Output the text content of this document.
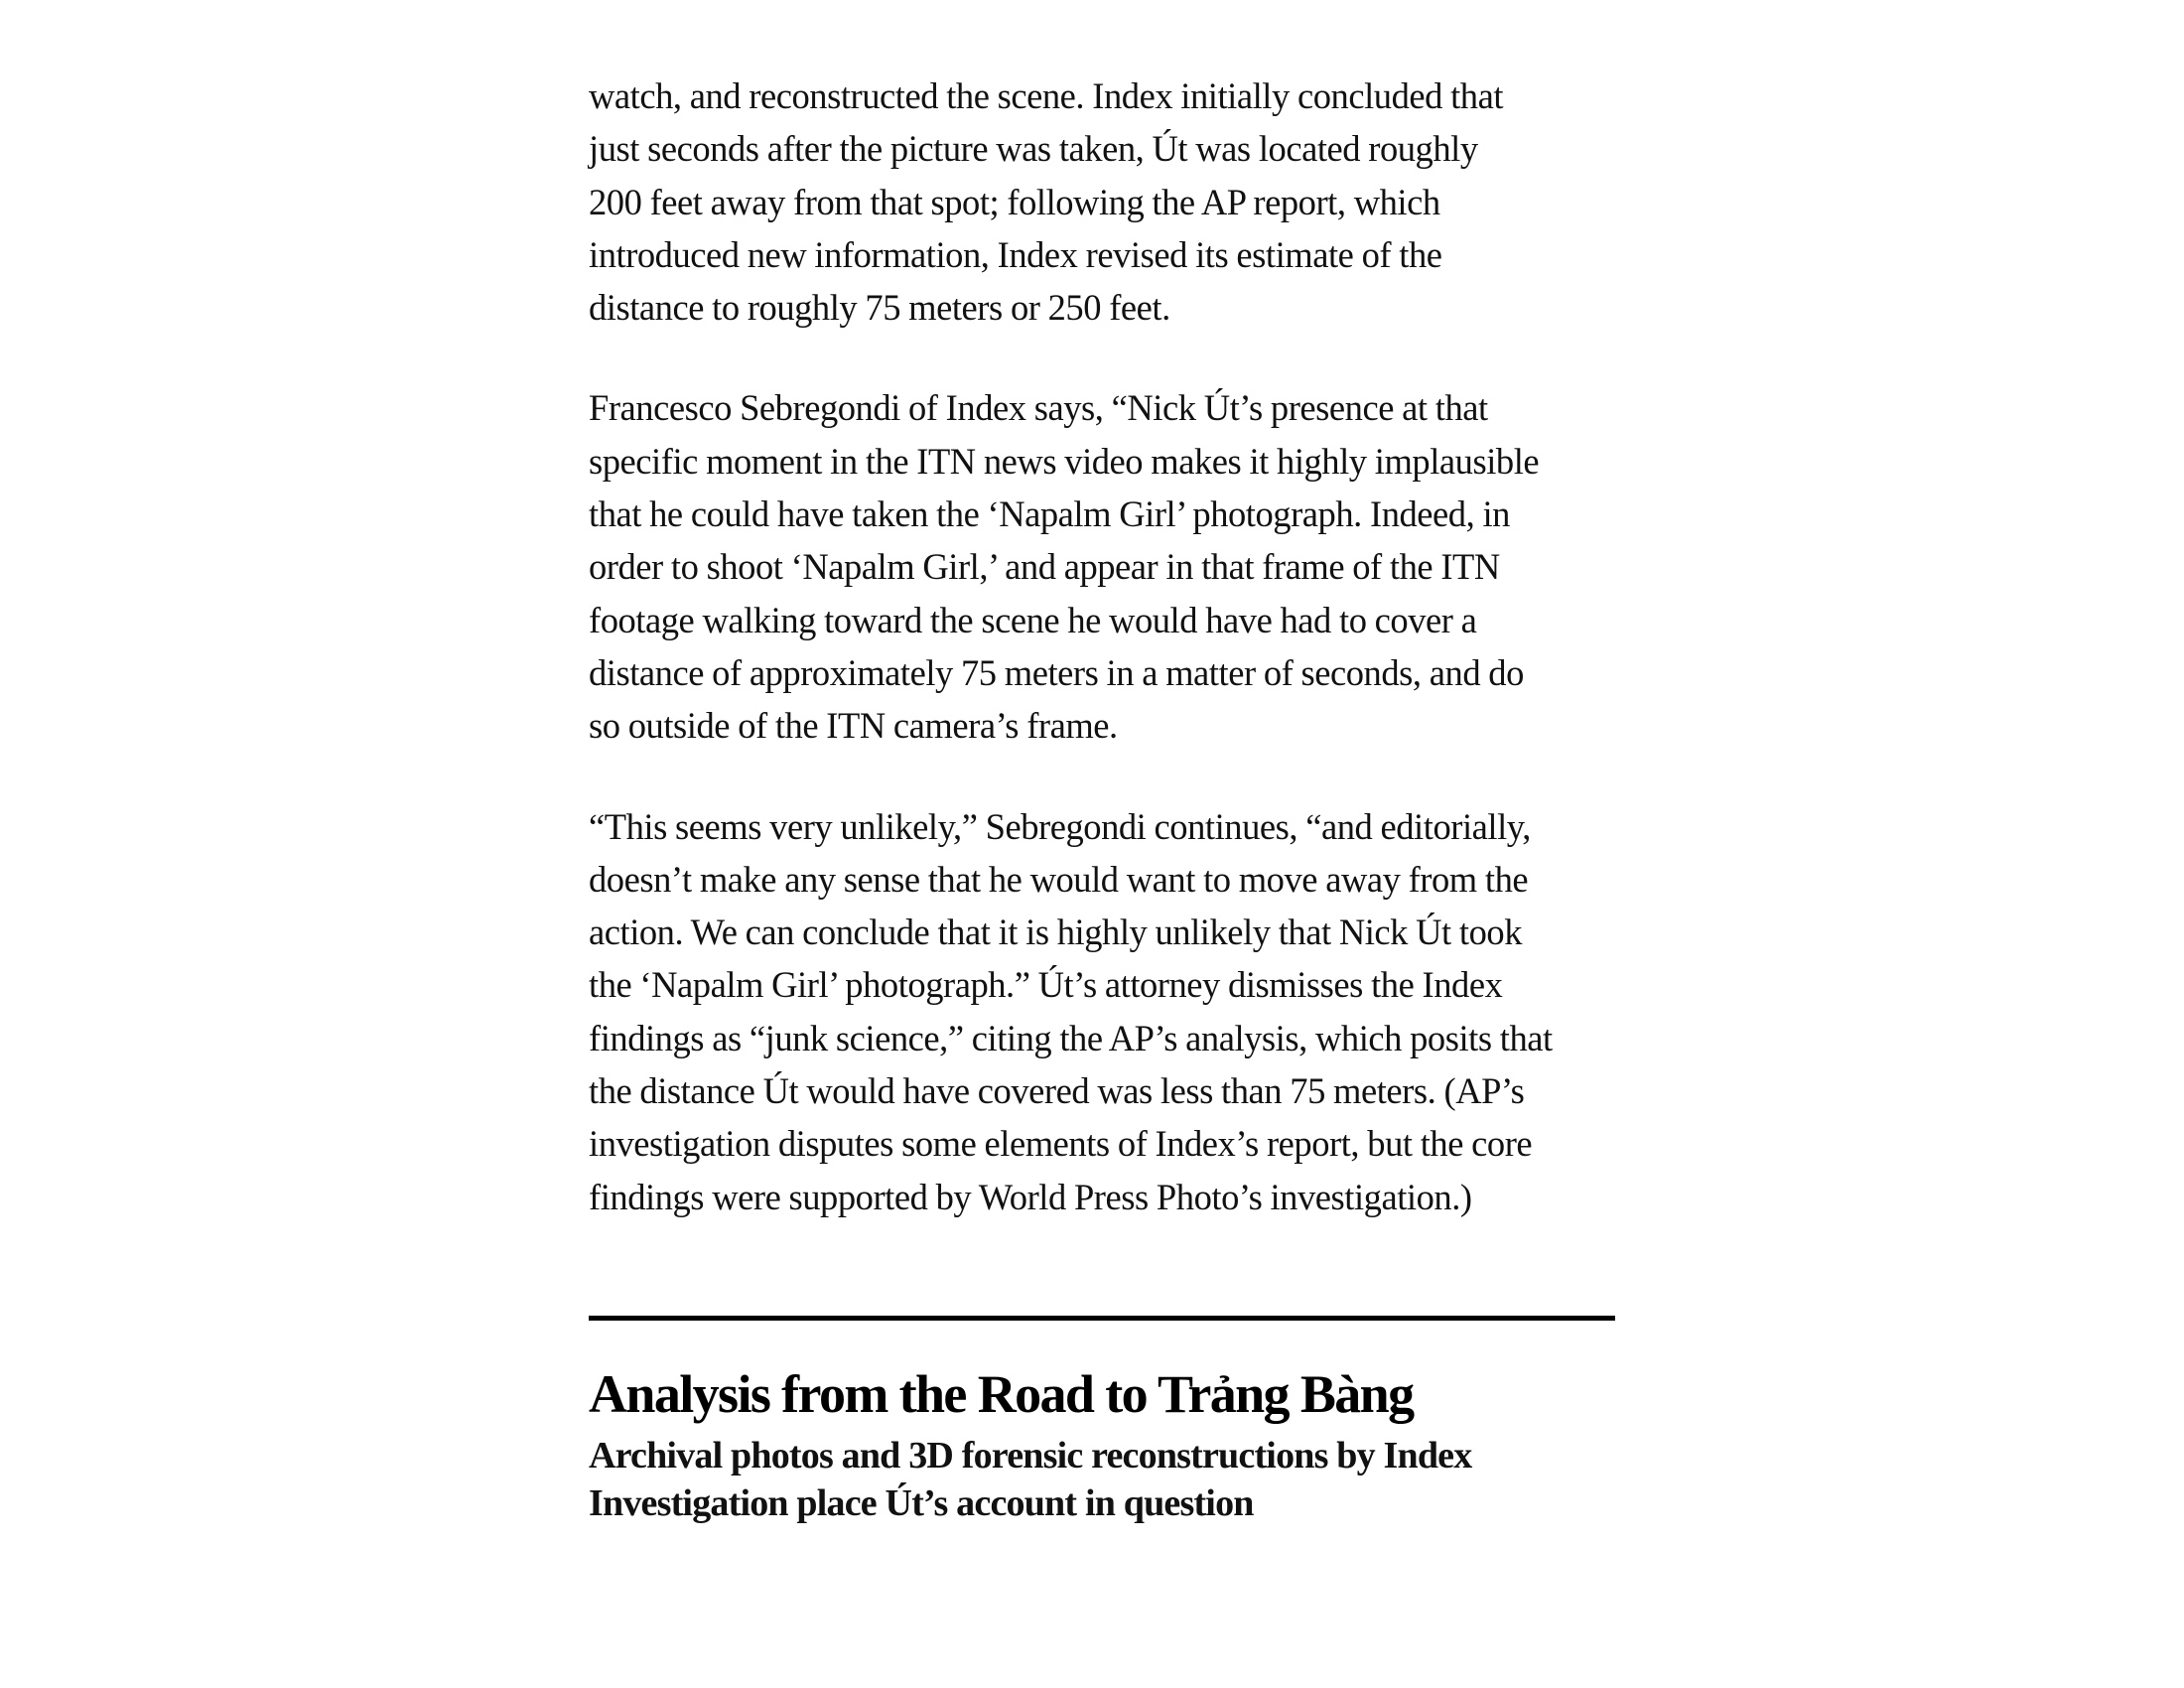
watch, and reconstructed the scene. Index initially concluded that
just seconds after the picture was taken, Út was located roughly
200 feet away from that spot; following the AP report, which
introduced new information, Index revised its estimate of the
distance to roughly 75 meters or 250 feet.

Francesco Sebregondi of Index says, “Nick Út’s presence at that
specific moment in the ITN news video makes it highly implausible
that he could have taken the ‘Napalm Girl’ photograph. Indeed, in
order to shoot ‘Napalm Girl,’ and appear in that frame of the ITN
footage walking toward the scene he would have had to cover a
distance of approximately 75 meters in a matter of seconds, and do
so outside of the ITN camera’s frame.

“This seems very unlikely,” Sebregondi continues, “and editorially,
doesn’t make any sense that he would want to move away from the
action. We can conclude that it is highly unlikely that Nick Út took
the ‘Napalm Girl’ photograph.” Út’s attorney dismisses the Index
findings as “junk science,” citing the AP’s analysis, which posits that
the distance Út would have covered was less than 75 meters. (AP’s
investigation disputes some elements of Index’s report, but the core
findings were supported by World Press Photo’s investigation.)

Analysis from the Road to Trảng Bàng

Archival photos and 3D forensic reconstructions by Index
Investigation place Út’s account in question
